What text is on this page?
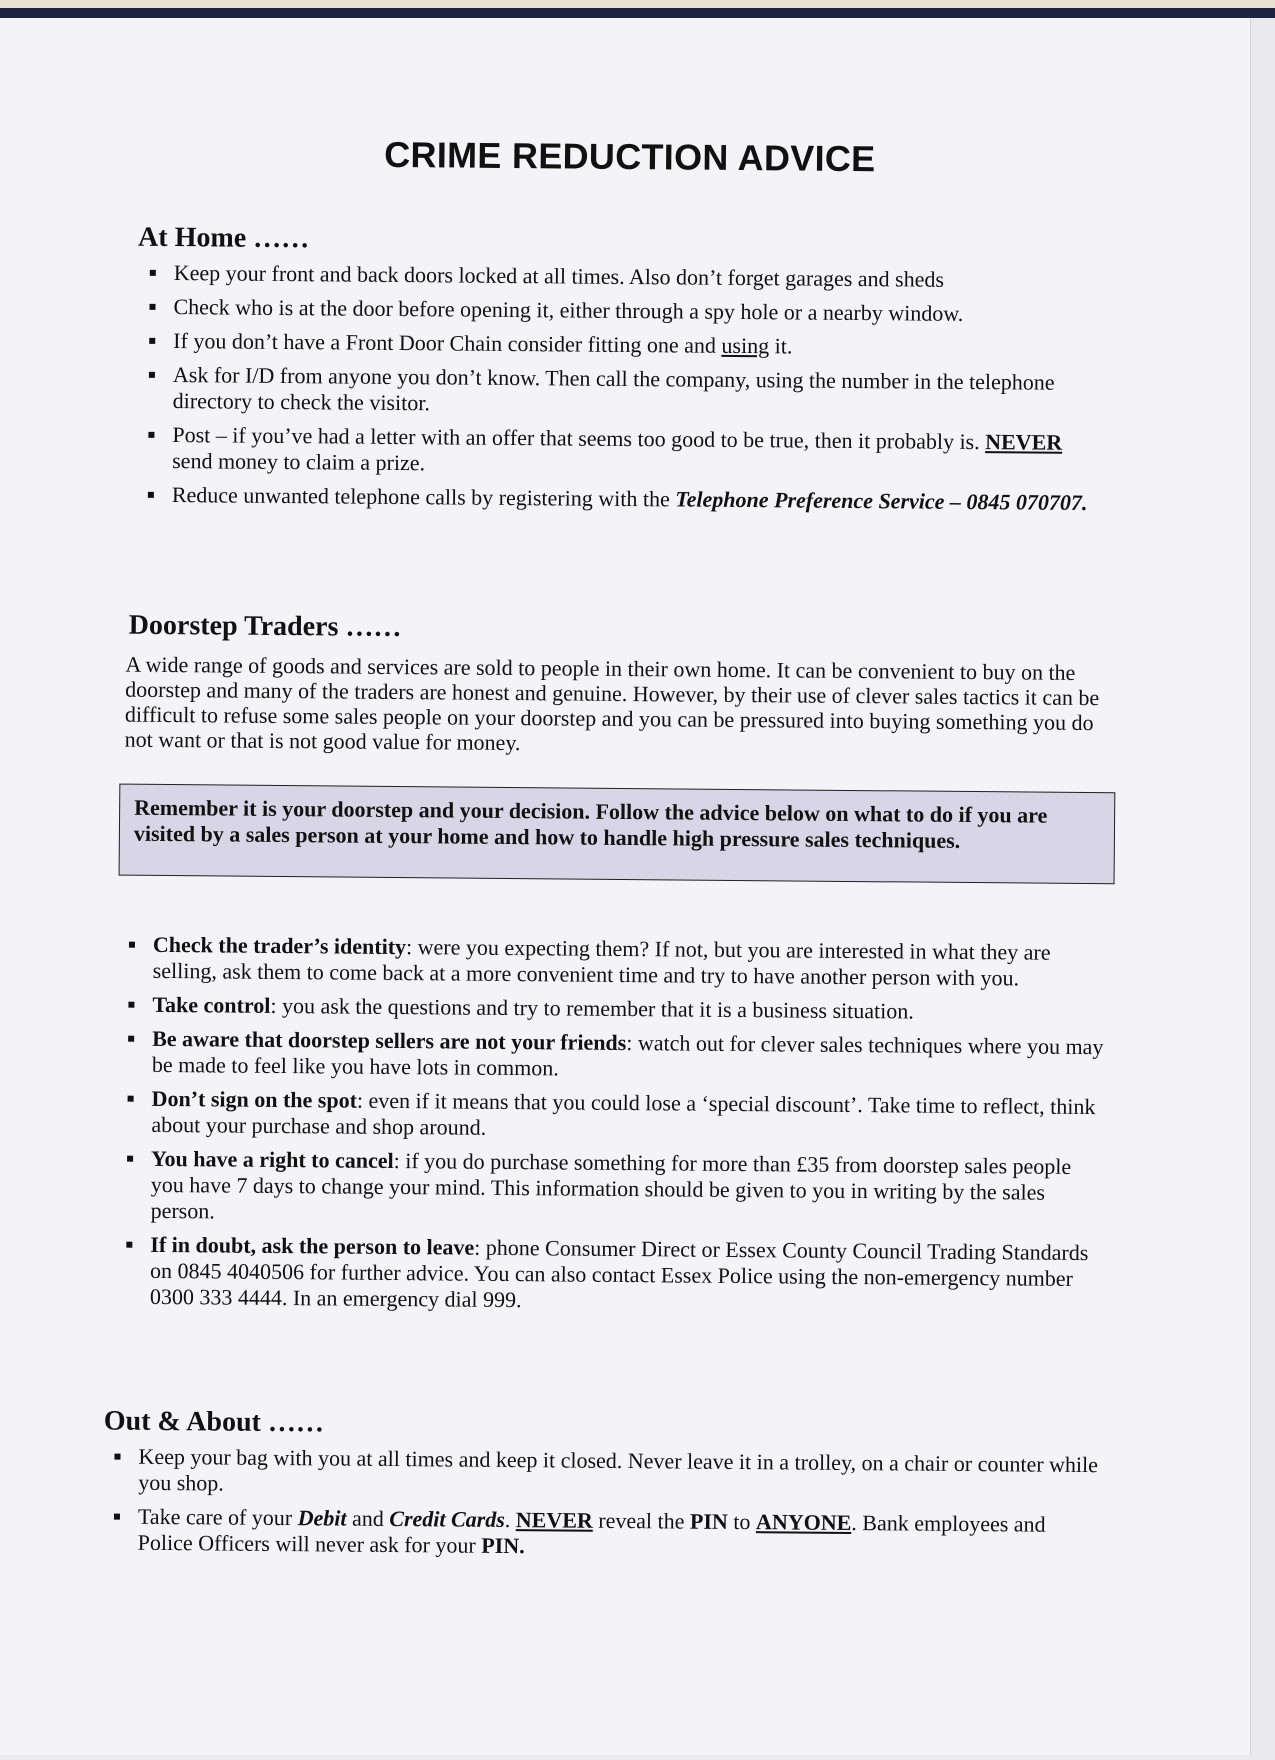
CRIME REDUCTION ADVICE
At Home ……
Keep your front and back doors locked at all times. Also don’t forget garages and sheds
Check who is at the door before opening it, either through a spy hole or a nearby window.
If you don’t have a Front Door Chain consider fitting one and using it.
Ask for I/D from anyone you don’t know. Then call the company, using the number in the telephone directory to check the visitor.
Post – if you’ve had a letter with an offer that seems too good to be true, then it probably is. NEVER send money to claim a prize.
Reduce unwanted telephone calls by registering with the Telephone Preference Service – 0845 070707.
Doorstep Traders ……

A wide range of goods and services are sold to people in their own home. It can be convenient to buy on the doorstep and many of the traders are honest and genuine. However, by their use of clever sales tactics it can be difficult to refuse some sales people on your doorstep and you can be pressured into buying something you do not want or that is not good value for money.

Remember it is your doorstep and your decision. Follow the advice below on what to do if you are visited by a sales person at your home and how to handle high pressure sales techniques.
Check the trader’s identity: were you expecting them? If not, but you are interested in what they are selling, ask them to come back at a more convenient time and try to have another person with you.
Take control: you ask the questions and try to remember that it is a business situation.
Be aware that doorstep sellers are not your friends: watch out for clever sales techniques where you may be made to feel like you have lots in common.
Don’t sign on the spot: even if it means that you could lose a ‘special discount’. Take time to reflect, think about your purchase and shop around.
You have a right to cancel: if you do purchase something for more than £35 from doorstep sales people you have 7 days to change your mind. This information should be given to you in writing by the sales person.
If in doubt, ask the person to leave: phone Consumer Direct or Essex County Council Trading Standards on 0845 4040506 for further advice. You can also contact Essex Police using the non-emergency number 0300 333 4444. In an emergency dial 999.
Out & About ……
Keep your bag with you at all times and keep it closed. Never leave it in a trolley, on a chair or counter while you shop.
Take care of your Debit and Credit Cards. NEVER reveal the PIN to ANYONE. Bank employees and Police Officers will never ask for your PIN.
